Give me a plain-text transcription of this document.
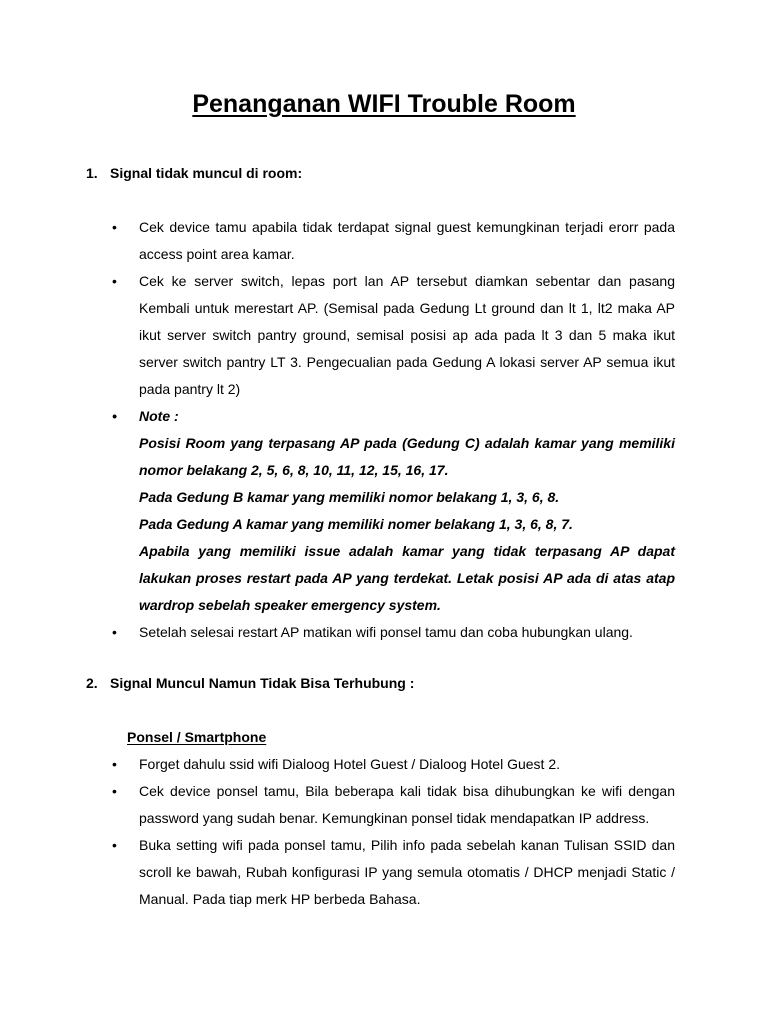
Penanganan WIFI Trouble Room
1. Signal tidak muncul di room:
•	Cek device tamu apabila tidak terdapat signal guest kemungkinan terjadi erorr pada access point area kamar.
•	Cek ke server switch, lepas port lan AP tersebut diamkan sebentar dan pasang Kembali untuk merestart AP. (Semisal pada Gedung Lt ground dan lt 1, lt2 maka AP ikut server switch pantry ground, semisal posisi ap ada pada lt 3 dan 5 maka ikut server switch pantry LT 3. Pengecualian pada Gedung A lokasi server AP semua ikut pada pantry lt 2)
•	Note :
Posisi Room yang terpasang AP pada (Gedung C) adalah kamar yang memiliki nomor belakang 2, 5, 6, 8, 10, 11, 12, 15, 16, 17.
Pada Gedung B kamar yang memiliki nomor belakang 1, 3, 6, 8.
Pada Gedung A kamar yang memiliki nomer belakang 1, 3, 6, 8, 7.
Apabila yang memiliki issue adalah kamar yang tidak terpasang AP dapat lakukan proses restart pada AP yang terdekat. Letak posisi AP ada di atas atap wardrop sebelah speaker emergency system.
•	Setelah selesai restart AP matikan wifi ponsel tamu dan coba hubungkan ulang.
2. Signal Muncul Namun Tidak Bisa Terhubung :
Ponsel / Smartphone
•	Forget dahulu ssid wifi Dialoog Hotel Guest / Dialoog Hotel Guest 2.
•	Cek device ponsel tamu, Bila beberapa kali tidak bisa dihubungkan ke wifi dengan password yang sudah benar. Kemungkinan ponsel tidak mendapatkan IP address.
•	Buka setting wifi pada ponsel tamu, Pilih info pada sebelah kanan Tulisan SSID dan scroll ke bawah, Rubah konfigurasi IP yang semula otomatis / DHCP menjadi Static / Manual. Pada tiap merk HP berbeda Bahasa.
